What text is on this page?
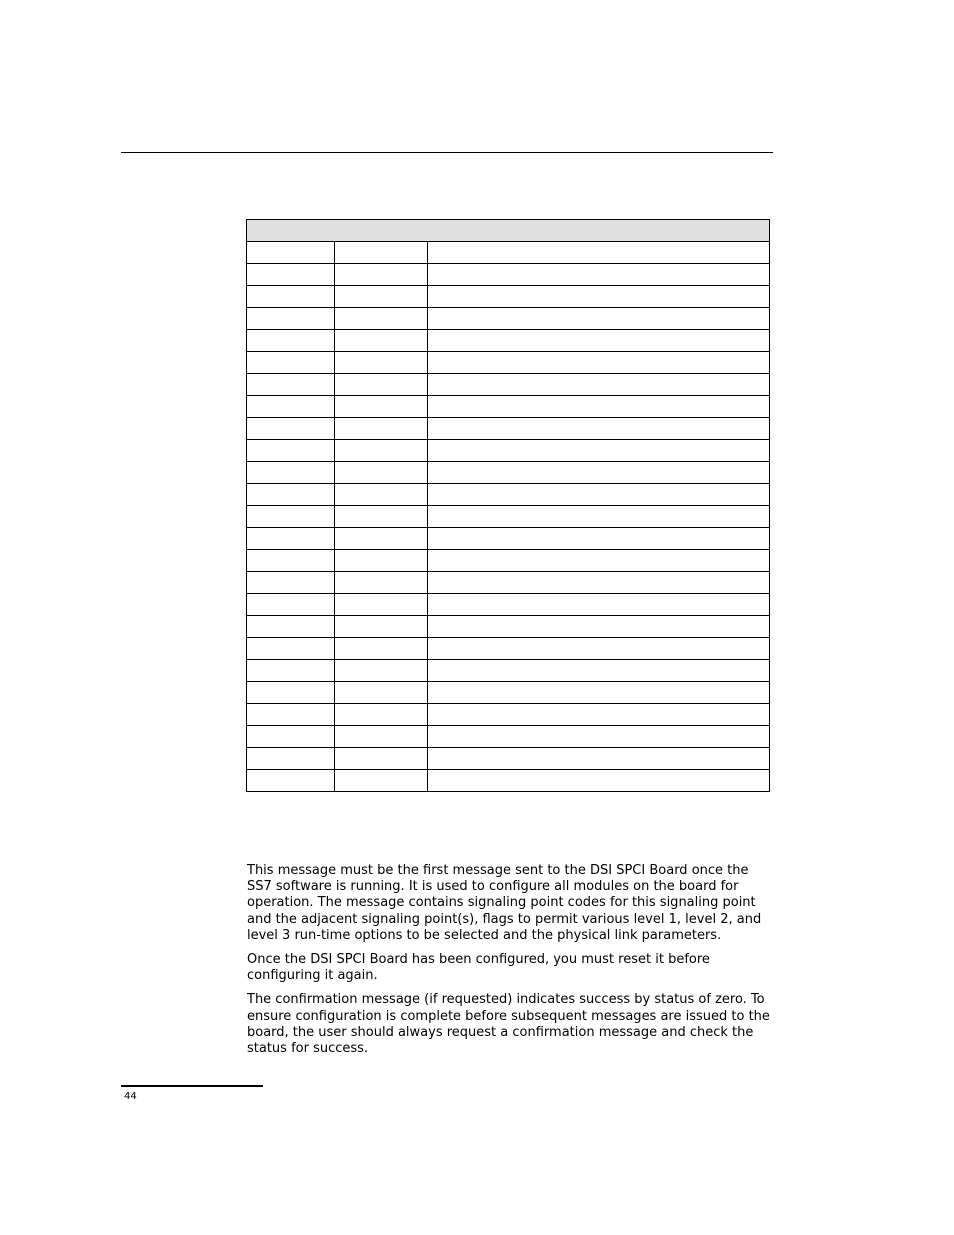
This message must be the first message sent to the DSI SPCI Board once the SS7 software is running. It is used to configure all modules on the board for operation. The message contains signaling point codes for this signaling point and the adjacent signaling point(s), flags to permit various level 1, level 2, and level 3 run-time options to be selected and the physical link parameters.

Once the DSI SPCI Board has been configured, you must reset it before configuring it again.

The confirmation message (if requested) indicates success by status of zero. To ensure configuration is complete before subsequent messages are issued to the board, the user should always request a confirmation message and check the status for success.

44
